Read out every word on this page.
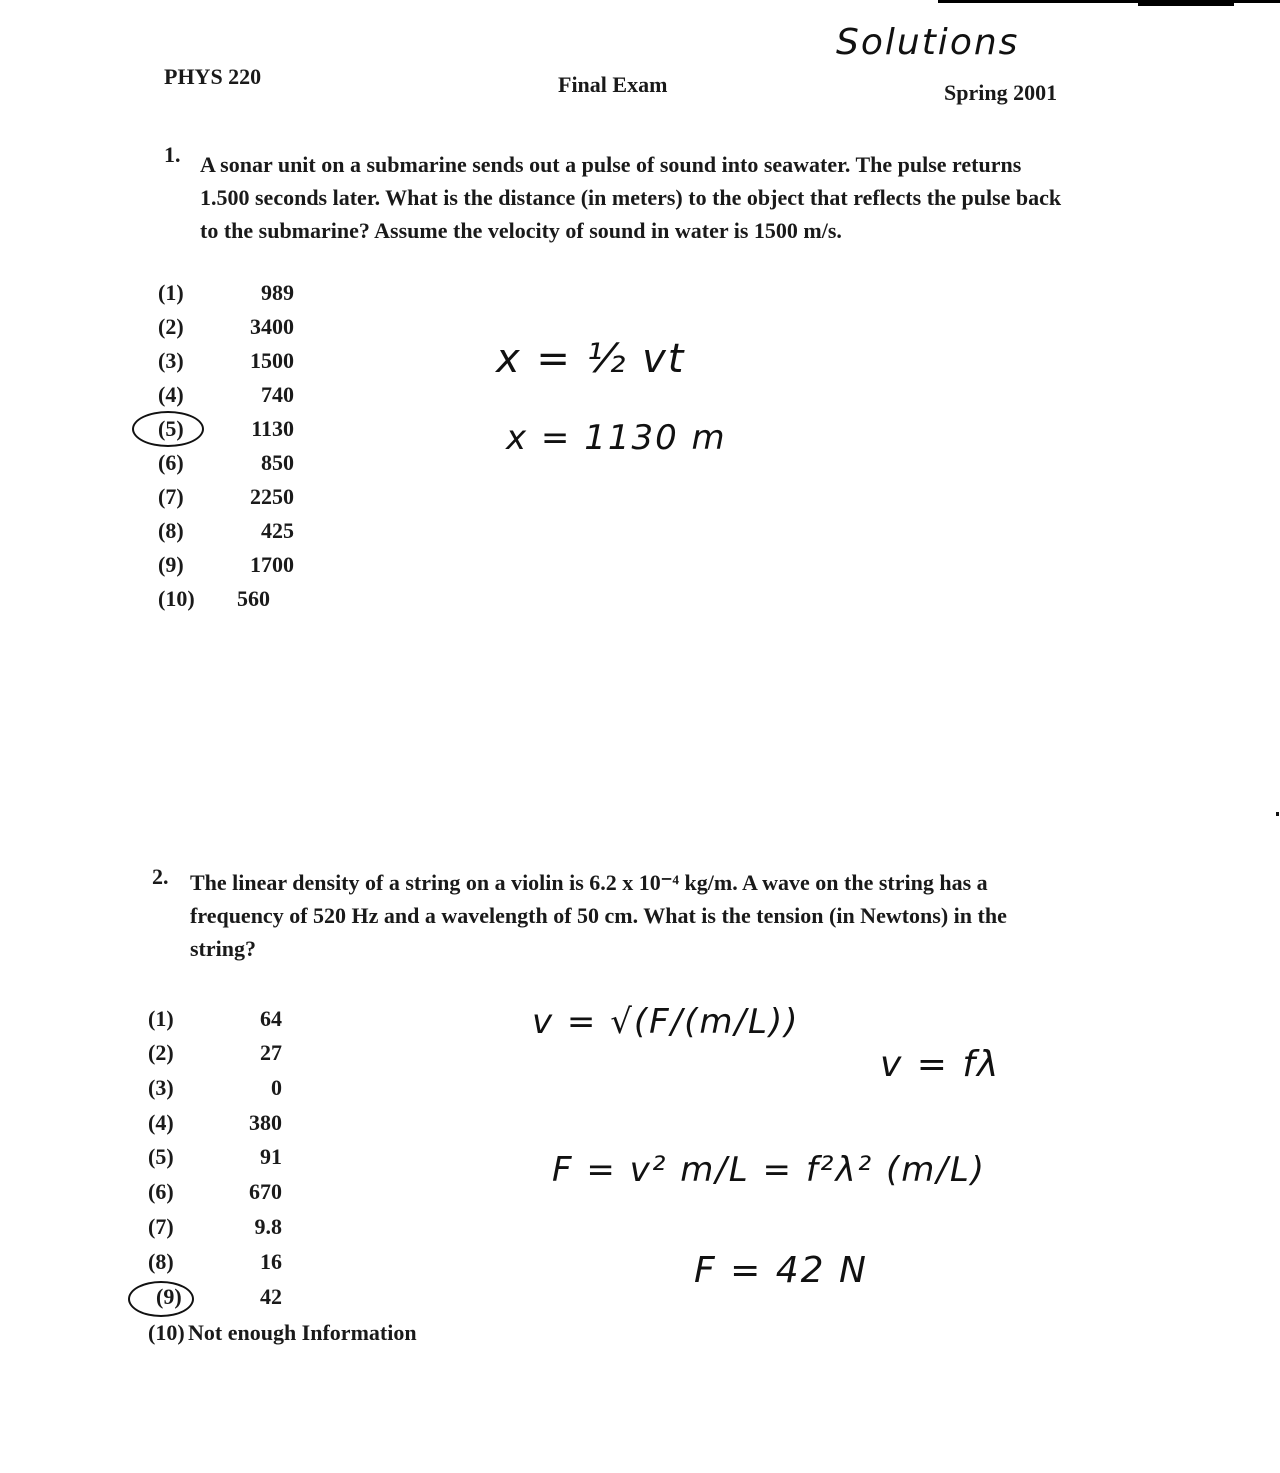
Solutions
PHYS 220	Final Exam	Spring 2001
1. A sonar unit on a submarine sends out a pulse of sound into seawater. The pulse returns
1.500 seconds later. What is the distance (in meters) to the object that reflects the pulse back
to the submarine? Assume the velocity of sound in water is 1500 m/s.
(1)	989
(2)	3400
(3)	1500
(4)	740
(5)	1130
(6)	850
(7)	2250
(8)	425
(9)	1700
(10) 560
x = ½ vt
x = 1130 m
2. The linear density of a string on a violin is 6.2 x 10⁻⁴ kg/m. A wave on the string has a
frequency of 520 Hz and a wavelength of 50 cm. What is the tension (in Newtons) in the
string?
(1)	64
(2)	27
(3)	0
(4)	380
(5)	91
(6)	670
(7)	9.8
(8)	16
(9)	42
(10) Not enough Information
v = √(F/(m/L))
v = fλ
F = v² m/L = f²λ² (m/L)
F = 42 N
